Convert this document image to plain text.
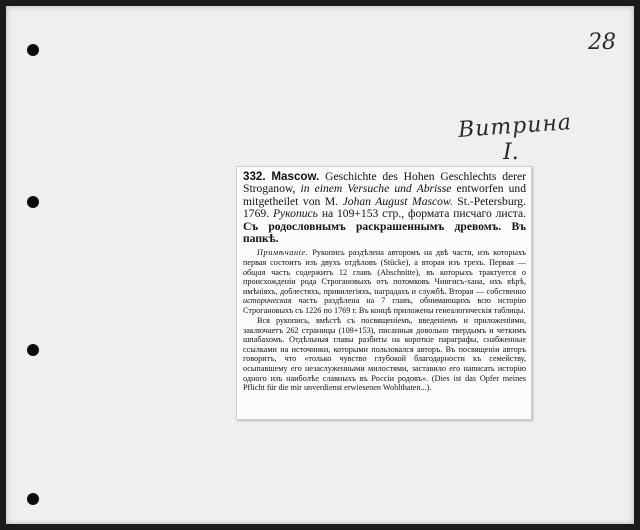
28
Витрина
I.
332. Mascow. Geschichte des Hohen Geschlechts derer Stroganow, in einem Versuche und Abrisse entworfen und mitgetheilet von M. Johan August Mascow. St.-Petersburg. 1769. Рукопись на 109+153 стр., формата писчаго листа. Съ родословнымъ раскрашеннымъ древомъ. Въ папкѣ.
Примѣчаніе. Рукопись раздѣлена авторомъ на двѣ части, изъ которыхъ первая состоитъ изъ двухъ отдѣловъ (Stücke), а вторая изъ трехъ. Первая — общая часть содержитъ 12 главъ (Abschnitte), въ которыхъ трактуется о происхожденіи рода Строгановыхъ отъ потомковъ Чингисъ-хана, ихъ вѣрѣ, имѣніяхъ, доблестяхъ, привилегіяхъ, наградахъ и службѣ. Вторая — собственно историческая часть раздѣлена на 7 главъ, обнимающихъ всю исторію Строгановыхъ съ 1226 по 1769 г. Въ концѣ приложены генеалогическія таблицы.
Вся рукопись, вмѣстѣ съ посвященіемъ, введеніемъ и приложеніями, заключаетъ 262 страницы (109+153), писанныя довольно твердымъ и четкимъ шпабахомъ. Отдѣльныя главы разбиты на короткіе параграфы, снабженные ссылками на источники, которыми пользовался авторъ. Въ посвященіи авторъ говоритъ, что «только чувство глубокой благодарности къ семейству, осыпавшему его незаслуженными милостями, заставило его написать исторію одного изъ наиболѣе славныхъ въ Россіи родовъ». (Dies ist das Opfer meines Pflicht für die mir unverdienst erwiesenen Wohlthaten...).
